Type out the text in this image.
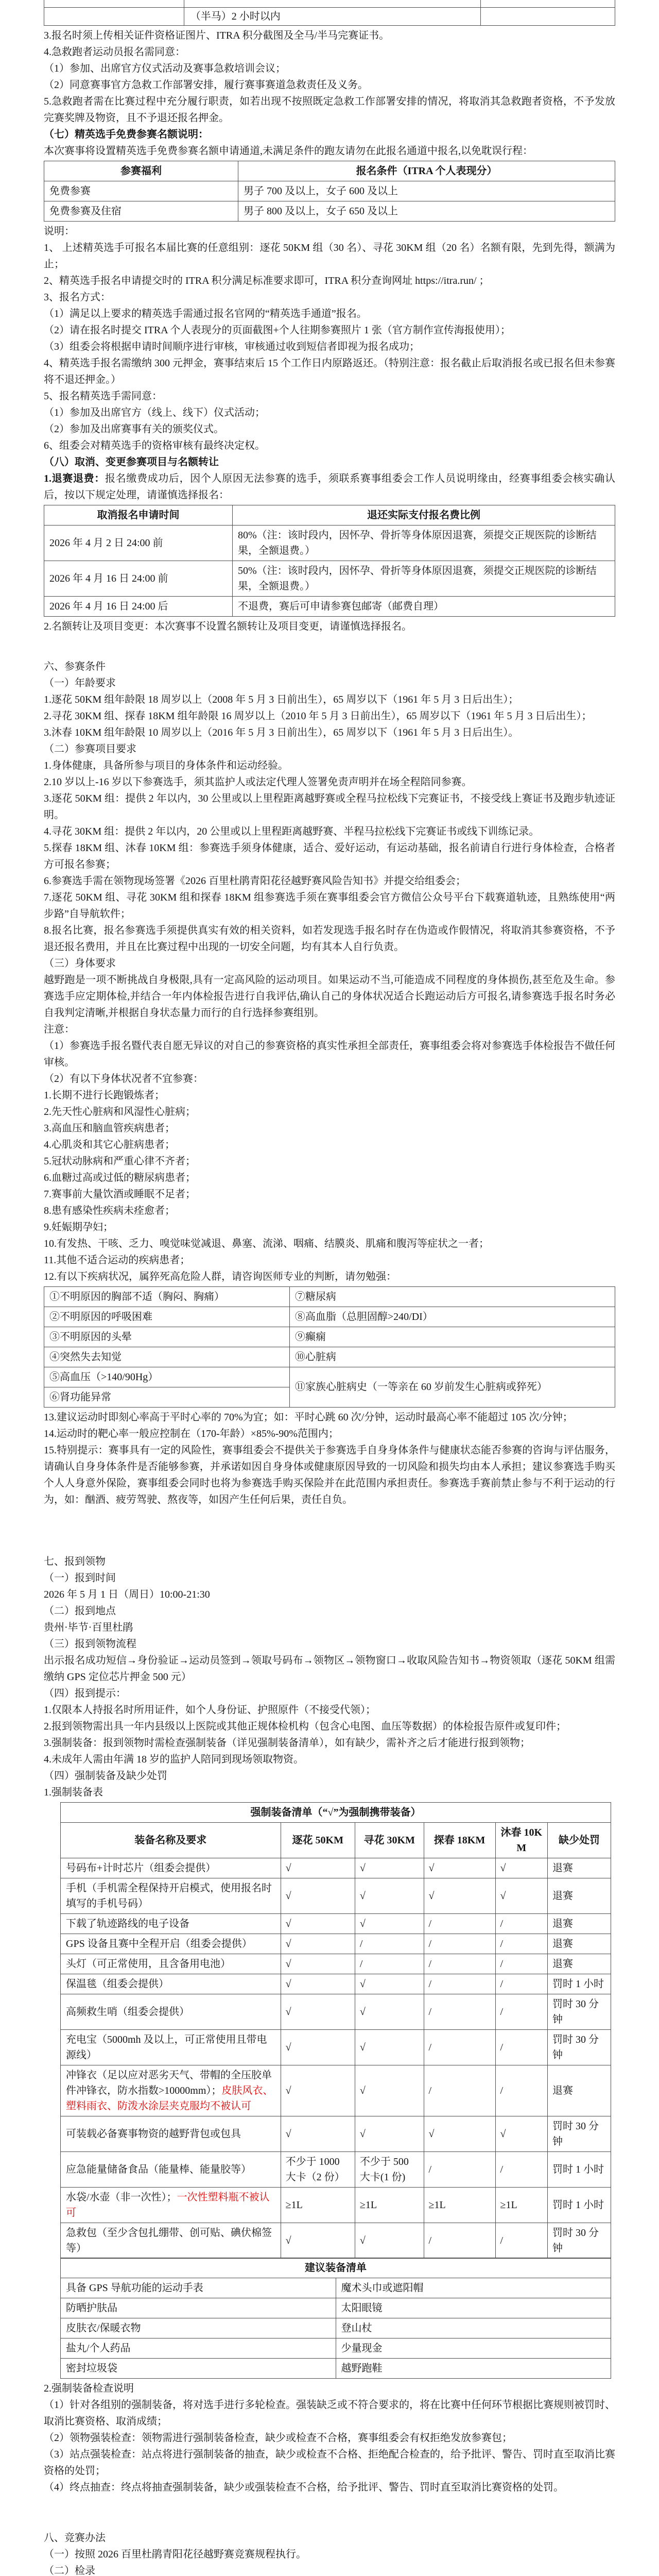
	（半马）2 小时以内	

3.报名时须上传相关证件资格证图片、ITRA 积分截图及全马/半马完赛证书。

4.急救跑者运动员报名需同意：

（1）参加、出席官方仪式活动及赛事急救培训会议；

（2）同意赛事官方急救工作部署安排，履行赛事赛道急救责任及义务。

5.急救跑者需在比赛过程中充分履行职责，如若出现不按照既定急救工作部署安排的情况，将取消其急救跑者资格，不予发放完赛奖牌及物资，且不予退还报名押金。

（七）精英选手免费参赛名额说明：

本次赛事将设置精英选手免费参赛名额申请通道,未满足条件的跑友请勿在此报名通道中报名,以免耽误行程：

参赛福利	报名条件（ITRA 个人表现分）
免费参赛	男子 700 及以上，女子 600 及以上
免费参赛及住宿	男子 800 及以上，女子 650 及以上

说明：

1、 上述精英选手可报名本届比赛的任意组别：逐花 50KM 组（30 名）、寻花 30KM 组（20 名）名额有限，先到先得，额满为止；

2、精英选手报名申请提交时的 ITRA 积分满足标准要求即可，ITRA 积分查询网址 https://itra.run/ ；

3、报名方式：

（1）满足以上要求的精英选手需通过报名官网的“精英选手通道”报名。

（2）请在报名时提交 ITRA 个人表现分的页面截图+个人往期参赛照片 1 张（官方制作宣传海报使用）；

（3）组委会将根据申请时间顺序进行审核，审核通过收到短信者即视为报名成功；

4、精英选手报名需缴纳 300 元押金，赛事结束后 15 个工作日内原路返还。（特别注意：报名截止后取消报名或已报名但未参赛将不退还押金。）

5、报名精英选手需同意：

（1）参加及出席官方（线上、线下）仪式活动；

（2）参加及出席赛事有关的颁奖仪式。

6、组委会对精英选手的资格审核有最终决定权。

（八）取消、变更参赛项目与名额转让

1.退赛退费：报名缴费成功后，因个人原因无法参赛的选手，须联系赛事组委会工作人员说明缘由，经赛事组委会核实确认后，按以下规定处理，请谨慎选择报名：

取消报名申请时间	退还实际支付报名费比例
2026 年 4 月 2 日 24:00 前	80%（注：该时段内，因怀孕、骨折等身体原因退赛，须提交正规医院的诊断结果，全额退费。）
2026 年 4 月 16 日 24:00 前	50%（注：该时段内，因怀孕、骨折等身体原因退赛，须提交正规医院的诊断结果，全额退费。）
2026 年 4 月 16 日 24:00 后	不退费，赛后可申请参赛包邮寄（邮费自理）

2.名额转让及项目变更：本次赛事不设置名额转让及项目变更，请谨慎选择报名。

六、参赛条件

（一）年龄要求

1.逐花 50KM 组年龄限 18 周岁以上（2008 年 5 月 3 日前出生），65 周岁以下（1961 年 5 月 3 日后出生）；

2.寻花 30KM 组、探春 18KM 组年龄限 16 周岁以上（2010 年 5 月 3 日前出生），65 周岁以下（1961 年 5 月 3 日后出生）；

3.沐春 10KM 组年龄限 10 周岁以上（2016 年 5 月 3 日前出生），65 周岁以下（1961 年 5 月 3 日后出生）。

（二）参赛项目要求

1.身体健康，具备所参与项目的身体条件和运动经验。

2.10 岁以上-16 岁以下参赛选手，须其监护人或法定代理人签署免责声明并在场全程陪同参赛。

3.逐花 50KM 组：提供 2 年以内，30 公里或以上里程距离越野赛或全程马拉松线下完赛证书，不接受线上赛证书及跑步轨迹证明。

4.寻花 30KM 组：提供 2 年以内，20 公里或以上里程距离越野赛、半程马拉松线下完赛证书或线下训练记录。

5.探春 18KM 组、沐春 10KM 组：参赛选手须身体健康，适合、爱好运动，有运动基础，报名前请自行进行身体检查，合格者方可报名参赛；

6.参赛选手需在领物现场签署《2026 百里杜鹃青阳花径越野赛风险告知书》并提交给组委会；

7.逐花 50KM 组、寻花 30KM 组和探春 18KM 组参赛选手须在赛事组委会官方微信公众号平台下载赛道轨迹，且熟练使用“两步路”自导航软件；

8.报名比赛，报名参赛选手须提供真实有效的相关资料，如若发现选手报名时存在伪造或作假情况，将取消其参赛资格，不予退还报名费用，并且在比赛过程中出现的一切安全问题，均有其本人自行负责。

（三）身体要求

越野跑是一项不断挑战自身极限,具有一定高风险的运动项目。如果运动不当,可能造成不同程度的身体损伤,甚至危及生命。参赛选手应定期体检,并结合一年内体检报告进行自我评估,确认自己的身体状况适合长跑运动后方可报名,请参赛选手报名时务必自我判定清晰,并根据自身状态量力而行的自行选择参赛组别。

注意：

（1）参赛选手报名暨代表自愿无异议的对自己的参赛资格的真实性承担全部责任，赛事组委会将对参赛选手体检报告不做任何审核。

（2）有以下身体状况者不宜参赛：

1.长期不进行长跑锻炼者；

2.先天性心脏病和风湿性心脏病；

3.高血压和脑血管疾病患者；

4.心肌炎和其它心脏病患者；

5.冠状动脉病和严重心律不齐者；

6.血糖过高或过低的糖尿病患者；

7.赛事前大量饮酒或睡眠不足者；

8.患有感染性疾病未痊愈者；

9.妊娠期孕妇；

10.有发热、干咳、乏力、嗅觉味觉减退、鼻塞、流涕、咽痛、结膜炎、肌痛和腹泻等症状之一者；

11.其他不适合运动的疾病患者；

12.有以下疾病状况，属猝死高危险人群，请咨询医师专业的判断，请勿勉强：

①不明原因的胸部不适（胸闷、胸痛）	⑦糖尿病
②不明原因的呼吸困难	⑧高血脂（总胆固醇>240/DI）
③不明原因的头晕	⑨癫痫
④突然失去知觉	⑩心脏病
⑤高血压（>140/90Hg）	⑪家族心脏病史（一等亲在 60 岁前发生心脏病或猝死）
⑥肾功能异常	

13.建议运动时即刻心率高于平时心率的 70%为宜；如：平时心跳 60 次/分钟，运动时最高心率不能超过 105 次/分钟；

14.运动时的靶心率一般应控制在（170-年龄）×85%-90%范围内；

15.特别提示：赛事具有一定的风险性，赛事组委会不提供关于参赛选手自身身体条件与健康状态能否参赛的咨询与评估服务，请确认自身身体条件是否能够参赛，并承诺如因自身身体或健康原因导致的一切风险和损失均由本人承担；建议参赛选手购买个人人身意外保险，赛事组委会同时也将为参赛选手购买保险并在此范围内承担责任。参赛选手赛前禁止参与不利于运动的行为，如：酗酒、疲劳驾驶、熬夜等，如因产生任何后果，责任自负。

七、报到领物

（一）报到时间

2026 年 5 月 1 日（周日）10:00-21:30

（二）报到地点

贵州·毕节·百里杜鹃

（三）报到领物流程

出示报名成功短信→身份验证→运动员签到→领取号码布→领物区→领物窗口→收取风险告知书→物资领取（逐花 50KM 组需缴纳 GPS 定位芯片押金 500 元）

（四）报到提示：

1.仅限本人持报名时所用证件，如个人身份证、护照原件（不接受代领）；

2.报到领物需出具一年内县级以上医院或其他正规体检机构（包含心电图、血压等数据）的体检报告原件或复印件；

3.强制装备：报到领物时需检查强制装备（详见强制装备清单），如有缺少，需补齐之后才能进行报到领物；

4.未成年人需由年满 18 岁的监护人陪同到现场领取物资。

（四）强制装备及缺少处罚

1.强制装备表

强制装备清单（“√”为强制携带装备）					
装备名称及要求	逐花 50KM	寻花 30KM	探春 18KM	沐春 10KM	缺少处罚
号码布+计时芯片（组委会提供）	√	√	√	√	退赛
手机（手机需全程保持开启模式，使用报名时填写的手机号码）	√	√	√	√	退赛
下载了轨迹路线的电子设备	√	√	/	/	退赛
GPS 设备且赛中全程开启（组委会提供）	√	/	/	/	退赛
头灯（可正常使用，且含备用电池）	√	/	/	/	退赛
保温毯（组委会提供）	√	√	/	/	罚时 1 小时
高频救生哨（组委会提供）	√	√	/	/	罚时 30 分钟
充电宝（5000mh 及以上，可正常使用且带电源线）	√	√	/	/	罚时 30 分钟
冲锋衣（足以应对恶劣天气、带帽的全压胶单件冲锋衣，防水指数>10000mm）；皮肤风衣、塑料雨衣、防泼水涂层夹克服均不被认可	√	√	/	/	退赛
可装载必备赛事物资的越野背包或包具	√	√	√	√	罚时 30 分钟
应急能量储备食品（能量棒、能量胶等）	不少于 1000 大卡（2 份）	不少于 500 大卡(1 份)	/	/	罚时 1 小时
水袋/水壶（非一次性）；一次性塑料瓶不被认可	≥1L	≥1L	≥1L	≥1L	罚时 1 小时
急救包（至少含包扎绷带、创可贴、碘伏棉签等）	√	√	/	/	罚时 30 分钟
建议装备清单	
具备 GPS 导航功能的运动手表	魔术头巾或遮阳帽
防晒护肤品	太阳眼镜
皮肤衣/保暖衣物	登山杖
盐丸/个人药品	少量现金
密封垃圾袋	越野跑鞋

2.强制装备检查说明

（1）针对各组别的强制装备，将对选手进行多轮检查。强装缺乏或不符合要求的，将在比赛中任何环节根据比赛规则被罚时、取消比赛资格、取消成绩；

（2）领物强装检查：领物需进行强制装备检查，缺少或检查不合格，赛事组委会有权拒绝发放参赛包；

（3）站点强装检查：站点将进行强制装备的抽查，缺少或检查不合格、拒绝配合检查的，给予批评、警告、罚时直至取消比赛资格的处罚；

（4）终点抽查：终点将抽查强制装备，缺少或强装检查不合格，给予批评、警告、罚时直至取消比赛资格的处罚。

八、竞赛办法

（一）按照 2026 百里杜鹃青阳花径越野赛竞赛规程执行。

（二）检录
